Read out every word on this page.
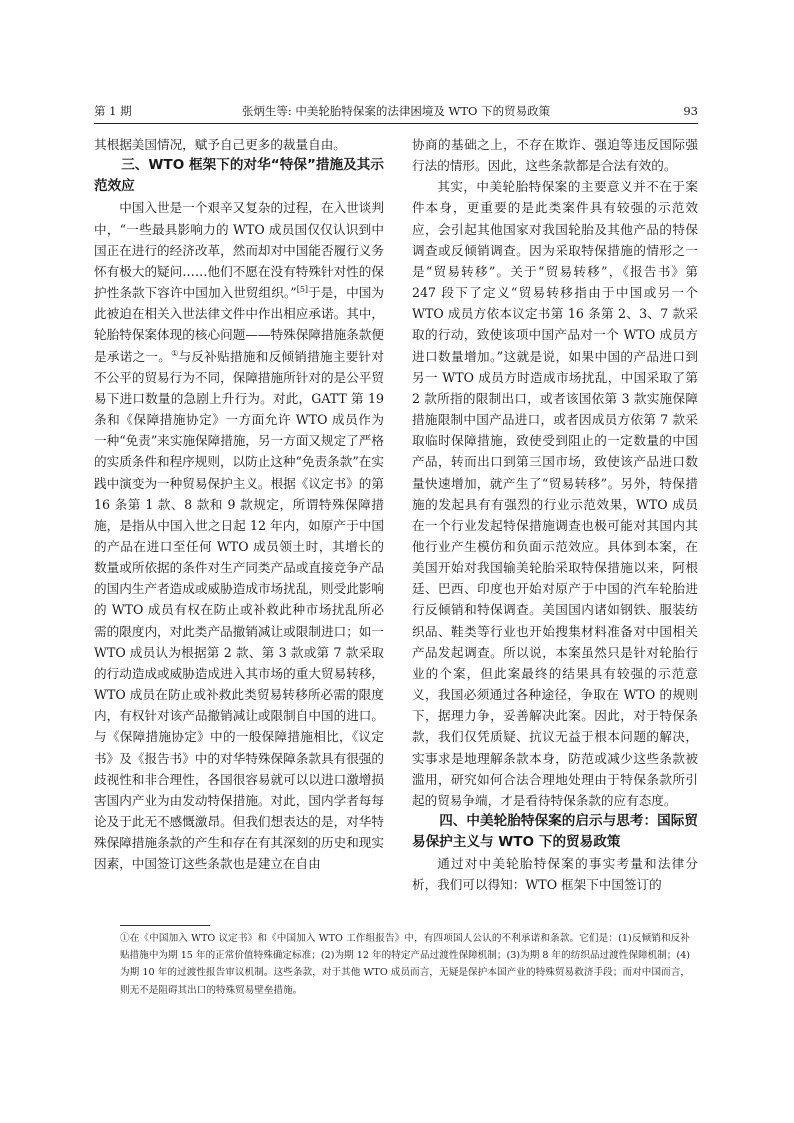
第 1 期	张炳生等: 中美轮胎特保案的法律困境及 WTO 下的贸易政策	93

其根据美国情况，赋予自己更多的裁量自由。

三、WTO 框架下的对华“特保”措施及其示范效应

中国入世是一个艰辛又复杂的过程，在入世谈判中，“一些最具影响力的 WTO 成员国仅仅认识到中国正在进行的经济改革，然而却对中国能否履行义务怀有极大的疑问……他们不愿在没有特殊针对性的保护性条款下容许中国加入世贸组织。”[5]于是，中国为此被迫在相关入世法律文件中作出相应承诺。其中，轮胎特保案体现的核心问题——特殊保障措施条款便是承诺之一。①与反补贴措施和反倾销措施主要针对不公平的贸易行为不同，保障措施所针对的是公平贸易下进口数量的急剧上升行为。对此，GATT 第 19 条和《保障措施协定》一方面允许 WTO 成员作为一种“免责”来实施保障措施，另一方面又规定了严格的实质条件和程序规则，以防止这种“免责条款”在实践中演变为一种贸易保护主义。根据《议定书》的第 16 条第 1 款、8 款和 9 款规定，所谓特殊保障措施，是指从中国入世之日起 12 年内，如原产于中国的产品在进口至任何 WTO 成员领土时，其增长的数量或所依据的条件对生产同类产品或直接竞争产品的国内生产者造成或威胁造成市场扰乱，则受此影响的 WTO 成员有权在防止或补救此种市场扰乱所必需的限度内，对此类产品撤销减让或限制进口；如一 WTO 成员认为根据第 2 款、第 3 款或第 7 款采取的行动造成或威胁造成进入其市场的重大贸易转移，WTO 成员在防止或补救此类贸易转移所必需的限度内，有权针对该产品撤销减让或限制自中国的进口。与《保障措施协定》中的一般保障措施相比，《议定书》及《报告书》中的对华特殊保障条款具有很强的歧视性和非合理性，各国很容易就可以以进口激增损害国内产业为由发动特保措施。对此，国内学者每每论及于此无不感慨激昂。但我们想表达的是，对华特殊保障措施条款的产生和存在有其深刻的历史和现实因素，中国签订这些条款也是建立在自由

协商的基础之上，不存在欺诈、强迫等违反国际强行法的情形。因此，这些条款都是合法有效的。

其实，中美轮胎特保案的主要意义并不在于案件本身，更重要的是此类案件具有较强的示范效应，会引起其他国家对我国轮胎及其他产品的特保调查或反倾销调查。因为采取特保措施的情形之一是“贸易转移”。关于“贸易转移”，《报告书》第 247 段下了定义“贸易转移指由于中国或另一个 WTO 成员方依本议定书第 16 条第 2、3、7 款采取的行动，致使该项中国产品对一个 WTO 成员方进口数量增加。”这就是说，如果中国的产品进口到另一 WTO 成员方时造成市场扰乱，中国采取了第 2 款所指的限制出口，或者该国依第 3 款实施保障措施限制中国产品进口，或者因成员方依第 7 款采取临时保障措施，致使受到阻止的一定数量的中国产品，转而出口到第三国市场，致使该产品进口数量快速增加，就产生了“贸易转移”。另外，特保措施的发起具有有强烈的行业示范效果，WTO 成员在一个行业发起特保措施调查也极可能对其国内其他行业产生模仿和负面示范效应。具体到本案，在美国开始对我国输美轮胎采取特保措施以来，阿根廷、巴西、印度也开始对原产于中国的汽车轮胎进行反倾销和特保调查。美国国内诸如钢铁、服装纺织品、鞋类等行业也开始搜集材料准备对中国相关产品发起调查。所以说，本案虽然只是针对轮胎行业的个案，但此案最终的结果具有较强的示范意义，我国必须通过各种途径，争取在 WTO 的规则下，据理力争，妥善解决此案。因此，对于特保条款，我们仅凭质疑、抗议无益于根本问题的解决，实事求是地理解条款本身，防范或减少这些条款被滥用，研究如何合法合理地处理由于特保条款所引起的贸易争端，才是看待特保条款的应有态度。

四、中美轮胎特保案的启示与思考：国际贸易保护主义与 WTO 下的贸易政策

通过对中美轮胎特保案的事实考量和法律分析，我们可以得知：WTO 框架下中国签订的

①在《中国加入 WTO 议定书》和《中国加入 WTO 工作组报告》中，有四项国人公认的不利承诺和条款。它们是：(1)反倾销和反补贴措施中为期 15 年的正常价值特殊确定标准；(2)为期 12 年的特定产品过渡性保障机制；(3)为期 8 年的纺织品过渡性保障机制；(4)为期 10 年的过渡性报告审议机制。这些条款，对于其他 WTO 成员而言，无疑是保护本国产业的特殊贸易救济手段；而对中国而言，则无不是阻碍其出口的特殊贸易壁垒措施。
